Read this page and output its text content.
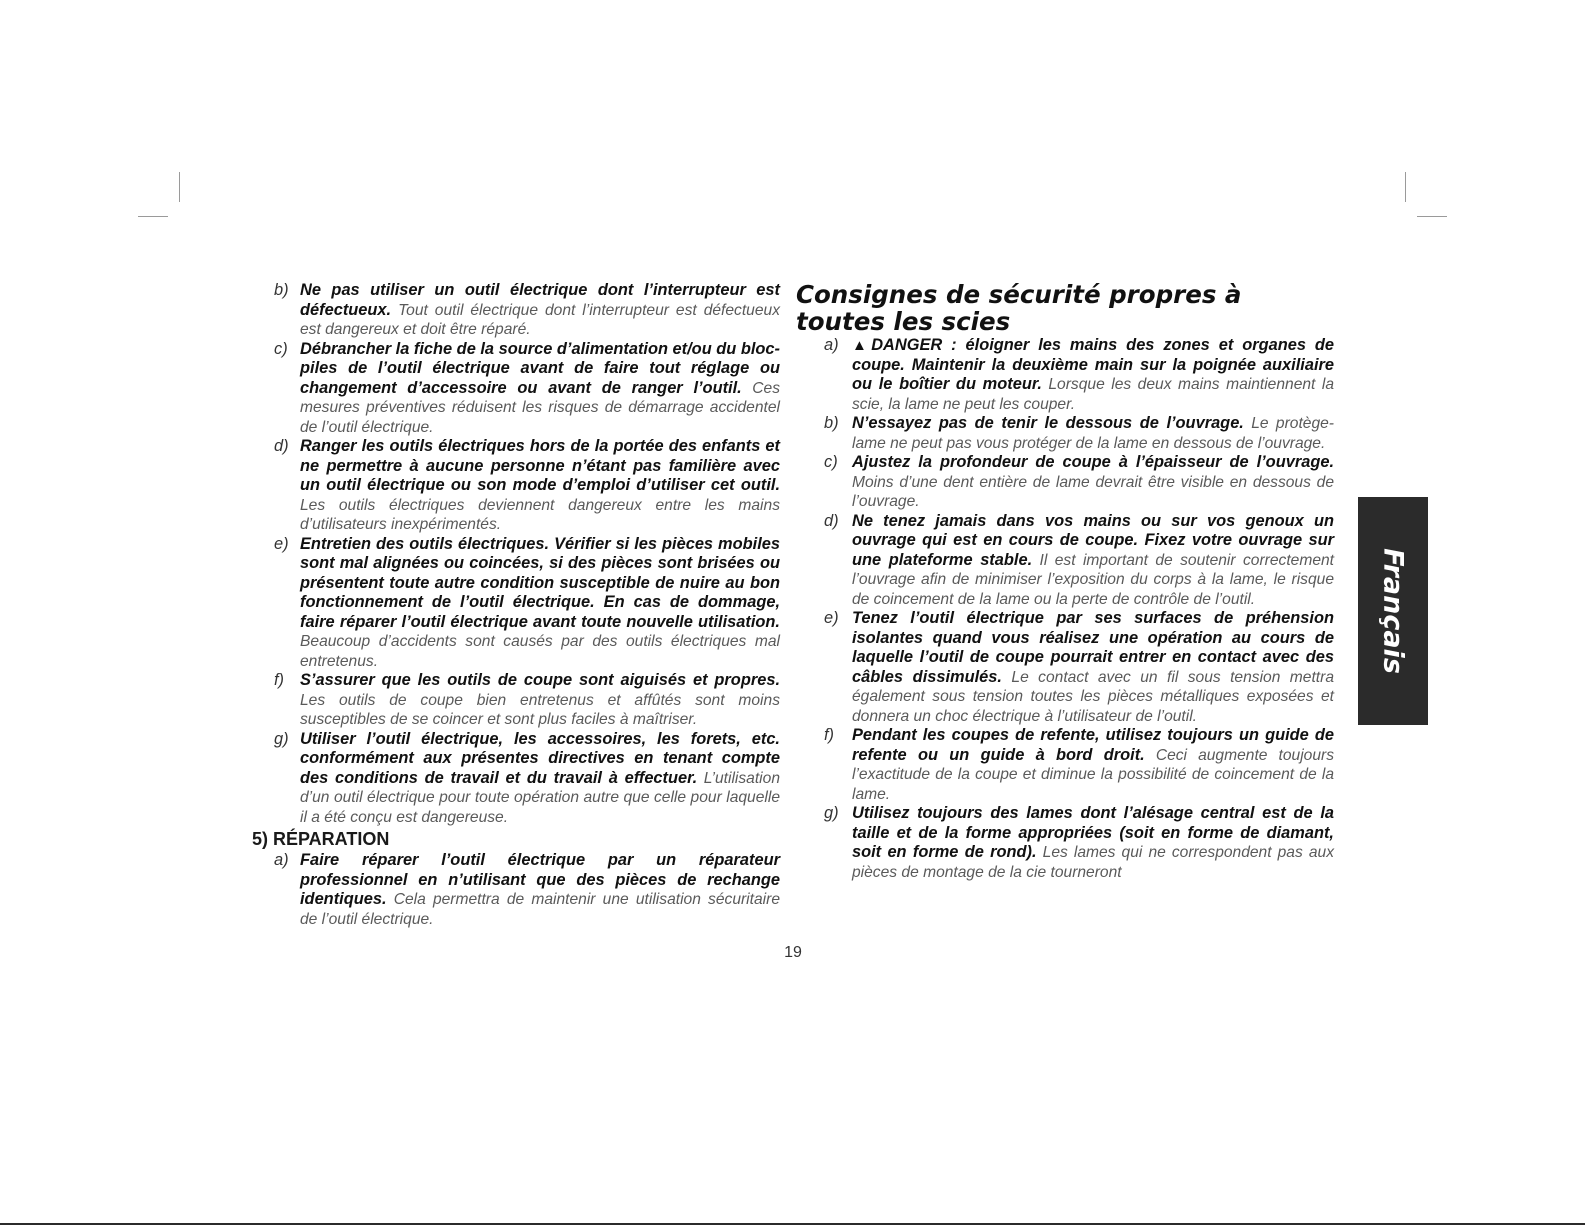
b) Ne pas utiliser un outil électrique dont l’interrupteur est défectueux. Tout outil électrique dont l’interrupteur est défectueux est dangereux et doit être réparé.
c) Débrancher la fiche de la source d’alimentation et/ou du bloc-piles de l’outil électrique avant de faire tout réglage ou changement d’accessoire ou avant de ranger l’outil. Ces mesures préventives réduisent les risques de démarrage accidentel de l’outil électrique.
d) Ranger les outils électriques hors de la portée des enfants et ne permettre à aucune personne n’étant pas familière avec un outil électrique ou son mode d’emploi d’utiliser cet outil. Les outils électriques deviennent dangereux entre les mains d’utilisateurs inexpérimentés.
e) Entretien des outils électriques. Vérifier si les pièces mobiles sont mal alignées ou coincées, si des pièces sont brisées ou présentent toute autre condition susceptible de nuire au bon fonctionnement de l’outil électrique. En cas de dommage, faire réparer l’outil électrique avant toute nouvelle utilisation. Beaucoup d’accidents sont causés par des outils électriques mal entretenus.
f) S’assurer que les outils de coupe sont aiguisés et propres. Les outils de coupe bien entretenus et affûtés sont moins susceptibles de se coincer et sont plus faciles à maîtriser.
g) Utiliser l’outil électrique, les accessoires, les forets, etc. conformément aux présentes directives en tenant compte des conditions de travail et du travail à effectuer. L’utilisation d’un outil électrique pour toute opération autre que celle pour laquelle il a été conçu est dangereuse.
5) RÉPARATION
a) Faire réparer l’outil électrique par un réparateur professionnel en n’utilisant que des pièces de rechange identiques. Cela permettra de maintenir une utilisation sécuritaire de l’outil électrique.
Consignes de sécurité propres à toutes les scies
a) ▲DANGER : éloigner les mains des zones et organes de coupe. Maintenir la deuxième main sur la poignée auxiliaire ou le boîtier du moteur. Lorsque les deux mains maintiennent la scie, la lame ne peut les couper.
b) N’essayez pas de tenir le dessous de l’ouvrage. Le protège-lame ne peut pas vous protéger de la lame en dessous de l’ouvrage.
c) Ajustez la profondeur de coupe à l’épaisseur de l’ouvrage. Moins d’une dent entière de lame devrait être visible en dessous de l’ouvrage.
d) Ne tenez jamais dans vos mains ou sur vos genoux un ouvrage qui est en cours de coupe. Fixez votre ouvrage sur une plateforme stable. Il est important de soutenir correctement l’ouvrage afin de minimiser l’exposition du corps à la lame, le risque de coincement de la lame ou la perte de contrôle de l’outil.
e) Tenez l’outil électrique par ses surfaces de préhension isolantes quand vous réalisez une opération au cours de laquelle l’outil de coupe pourrait entrer en contact avec des câbles dissimulés. Le contact avec un fil sous tension mettra également sous tension toutes les pièces métalliques exposées et donnera un choc électrique à l’utilisateur de l’outil.
f) Pendant les coupes de refente, utilisez toujours un guide de refente ou un guide à bord droit. Ceci augmente toujours l’exactitude de la coupe et diminue la possibilité de coincement de la lame.
g) Utilisez toujours des lames dont l’alésage central est de la taille et de la forme appropriées (soit en forme de diamant, soit en forme de rond). Les lames qui ne correspondent pas aux pièces de montage de la cie tourneront
Français
19
